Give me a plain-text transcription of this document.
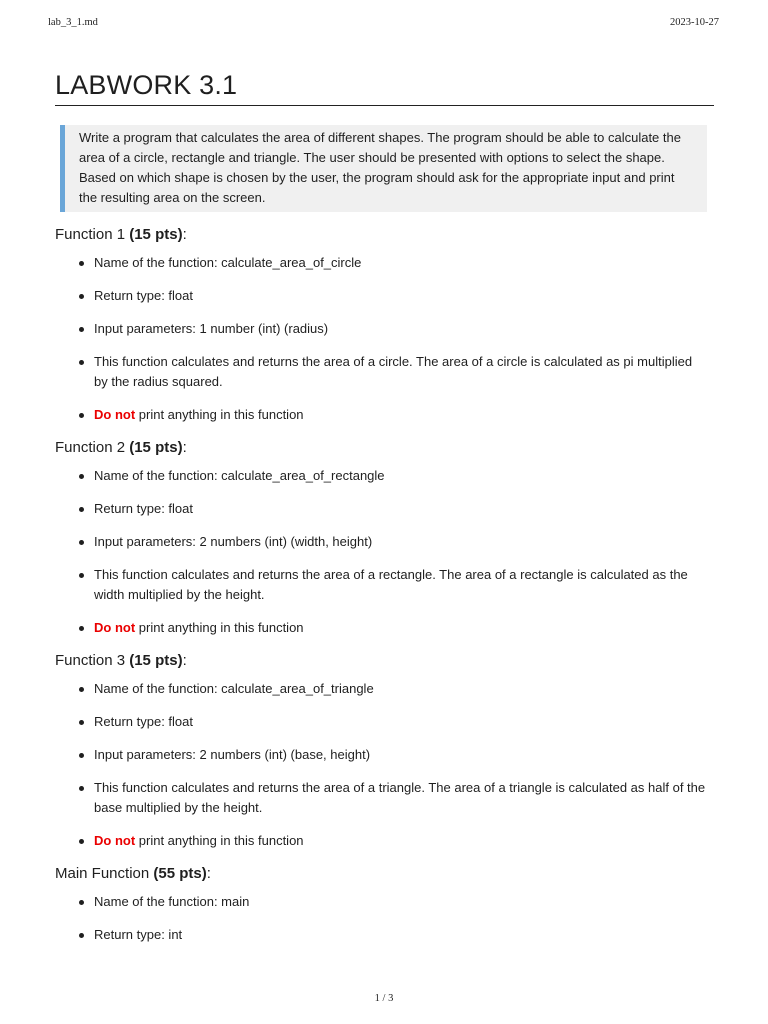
lab_3_1.md	2023-10-27
LABWORK 3.1
Write a program that calculates the area of different shapes. The program should be able to calculate the area of a circle, rectangle and triangle. The user should be presented with options to select the shape. Based on which shape is chosen by the user, the program should ask for the appropriate input and print the resulting area on the screen.
Function 1 (15 pts):
Name of the function: calculate_area_of_circle
Return type: float
Input parameters: 1 number (int) (radius)
This function calculates and returns the area of a circle. The area of a circle is calculated as pi multiplied by the radius squared.
Do not print anything in this function
Function 2 (15 pts):
Name of the function: calculate_area_of_rectangle
Return type: float
Input parameters: 2 numbers (int) (width, height)
This function calculates and returns the area of a rectangle. The area of a rectangle is calculated as the width multiplied by the height.
Do not print anything in this function
Function 3 (15 pts):
Name of the function: calculate_area_of_triangle
Return type: float
Input parameters: 2 numbers (int) (base, height)
This function calculates and returns the area of a triangle. The area of a triangle is calculated as half of the base multiplied by the height.
Do not print anything in this function
Main Function (55 pts):
Name of the function: main
Return type: int
1 / 3
